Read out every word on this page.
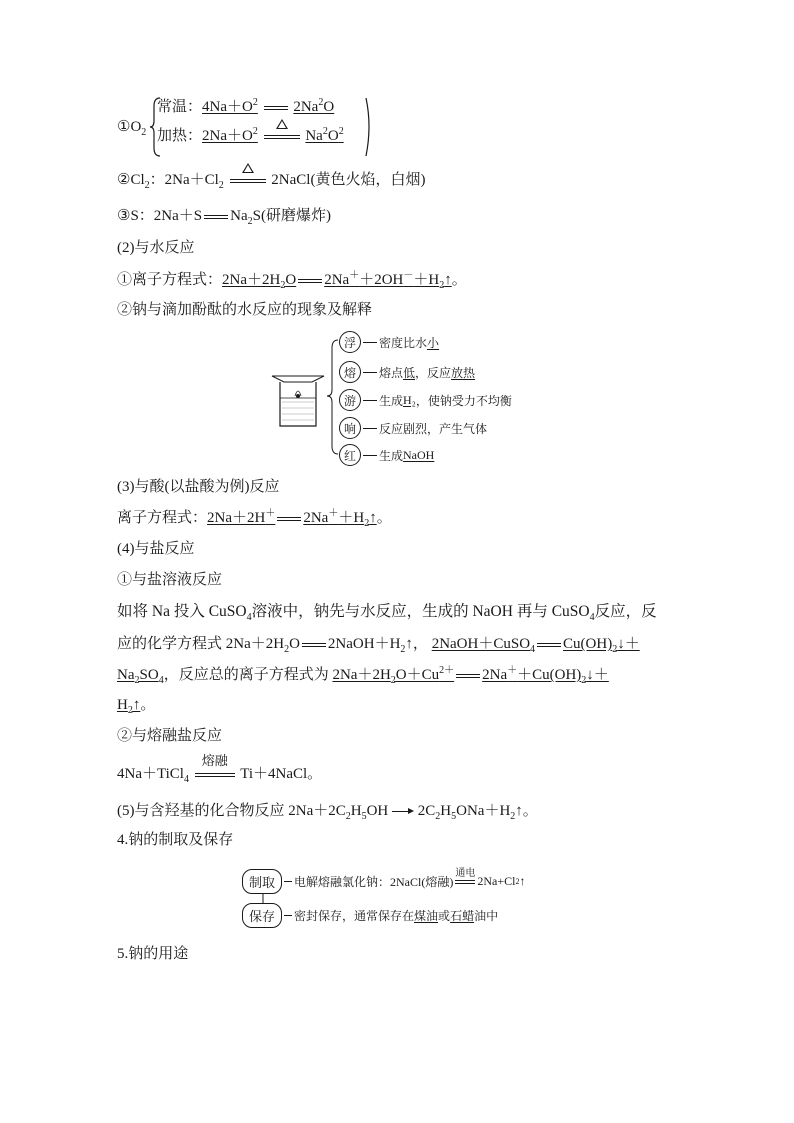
$①O_2$
常温：$4Na+O^2$ 2Na$^2$O
加热：$2Na+O^2$	$Na^2O^2$
$②Cl_2$：$2Na+Cl_2$	2NaCl(黄色火焰，白烟)
③S：2Na＋S $Na_2S$(研磨爆炸)
(2)与水反应
①离子方程式：$2Na+2H_2O$ $2Na^++2OH^-+H_2↑$。
②钠与滴加酚酞的水反应的现象及解释
浮	密度比水 小
熔	熔点 低 ，反应 放热
游	生成 H₂ ，使钠受力不均衡
响	反应剧烈，产生气体
红	生成 NaOH
(3)与酸(以盐酸为例)反应
离子方程式：2Na＋2H＋ $2Na^++H_2↑$。
(4)与盐反应
①与盐溶液反应
如将 Na 投入 CuSO$_4$溶液中，钠先与水反应，生成的 NaOH 再与 CuSO$_4$反应，反
应的化学方程式 $2Na+2H_2O$ $2NaOH+H_2↑$， 2NaOH＋CuSO$_4$ $Cu(OH)_2↓+$
$Na_2SO_4$，反应总的离子方程式为 $2Na+2H_2O+Cu^{2+}$ $2Na^++Cu(OH)_2↓+$
$H_2↑$。
②与熔融盐反应
4Na＋TiCl$_4$
熔融
Ti＋4NaCl。
(5)与含羟基的化合物反应 $2Na+2C_2H_5OH$ $2C_2H_5ONa+H_2↑$。
4.钠的制取及保存
制取	电解熔融氯化钠：2NaCl(熔融)
通电
2Na+Cl 2 ↑
保存	密封保存，通常保存在 煤油 或 石蜡 油中
5.钠的用途
